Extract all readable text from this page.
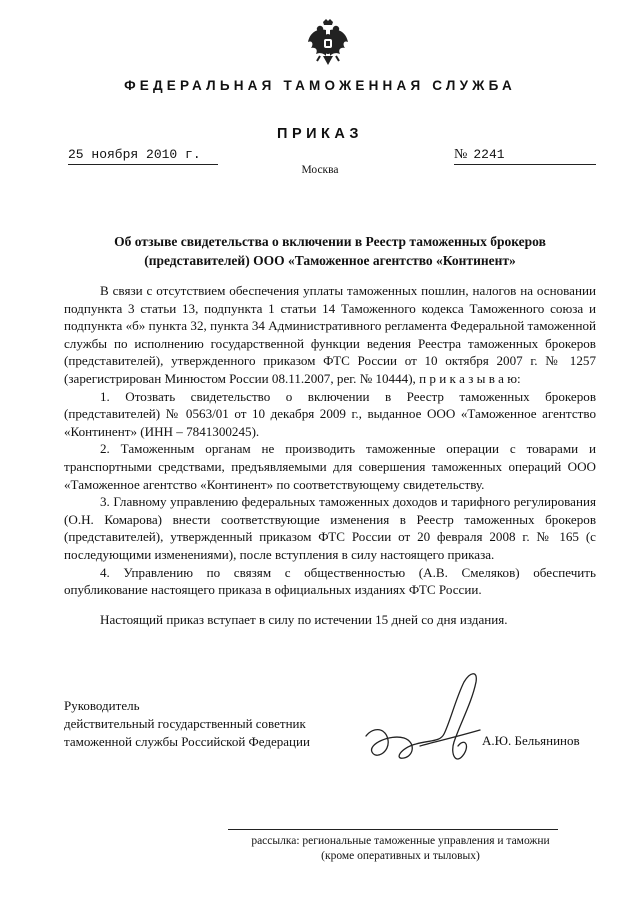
ФЕДЕРАЛЬНАЯ ТАМОЖЕННАЯ СЛУЖБА
ПРИКАЗ
25 ноября 2010 г.	№ 2241
Москва
Об отзыве свидетельства о включении в Реестр таможенных брокеров
(представителей) ООО «Таможенное агентство «Континент»

В связи с отсутствием обеспечения уплаты таможенных пошлин, налогов на основании подпункта 3 статьи 13, подпункта 1 статьи 14 Таможенного кодекса Таможенного союза и подпункта «б» пункта 32, пункта 34 Административного регламента Федеральной таможенной службы по исполнению государственной функции ведения Реестра таможенных брокеров (представителей), утвержденного приказом ФТС России от 10 октября 2007 г. № 1257 (зарегистрирован Минюстом России 08.11.2007, рег. № 10444), п р и к а з ы в а ю:

1. Отозвать свидетельство о включении в Реестр таможенных брокеров (представителей) № 0563/01 от 10 декабря 2009 г., выданное ООО «Таможенное агентство «Континент» (ИНН – 7841300245).

2. Таможенным органам не производить таможенные операции с товарами и транспортными средствами, предъявляемыми для совершения таможенных операций ООО «Таможенное агентство «Континент» по соответствующему свидетельству.

3. Главному управлению федеральных таможенных доходов и тарифного регулирования (О.Н. Комарова) внести соответствующие изменения в Реестр таможенных брокеров (представителей), утвержденный приказом ФТС России от 20 февраля 2008 г. № 165 (с последующими изменениями), после вступления в силу настоящего приказа.

4. Управлению по связям с общественностью (А.В. Смеляков) обеспечить опубликование настоящего приказа в официальных изданиях ФТС России.

Настоящий приказ вступает в силу по истечении 15 дней со дня издания.

Руководитель
действительный государственный советник
таможенной службы Российской Федерации	А.Ю. Бельянинов
рассылка: региональные таможенные управления и таможни
(кроме оперативных и тыловых)
